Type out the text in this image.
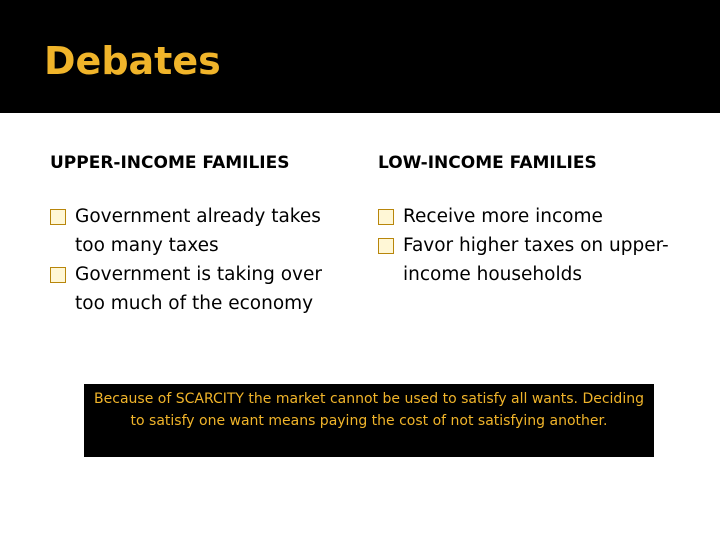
Debates
UPPER-INCOME FAMILIES	LOW-INCOME FAMILIES
Government already takes too many taxes
Government is taking over too much of the economy
Receive more income
Favor higher taxes on upper-income households
Because of SCARCITY the market cannot be used to satisfy all wants. Deciding to satisfy one want means paying the cost of not satisfying another.
